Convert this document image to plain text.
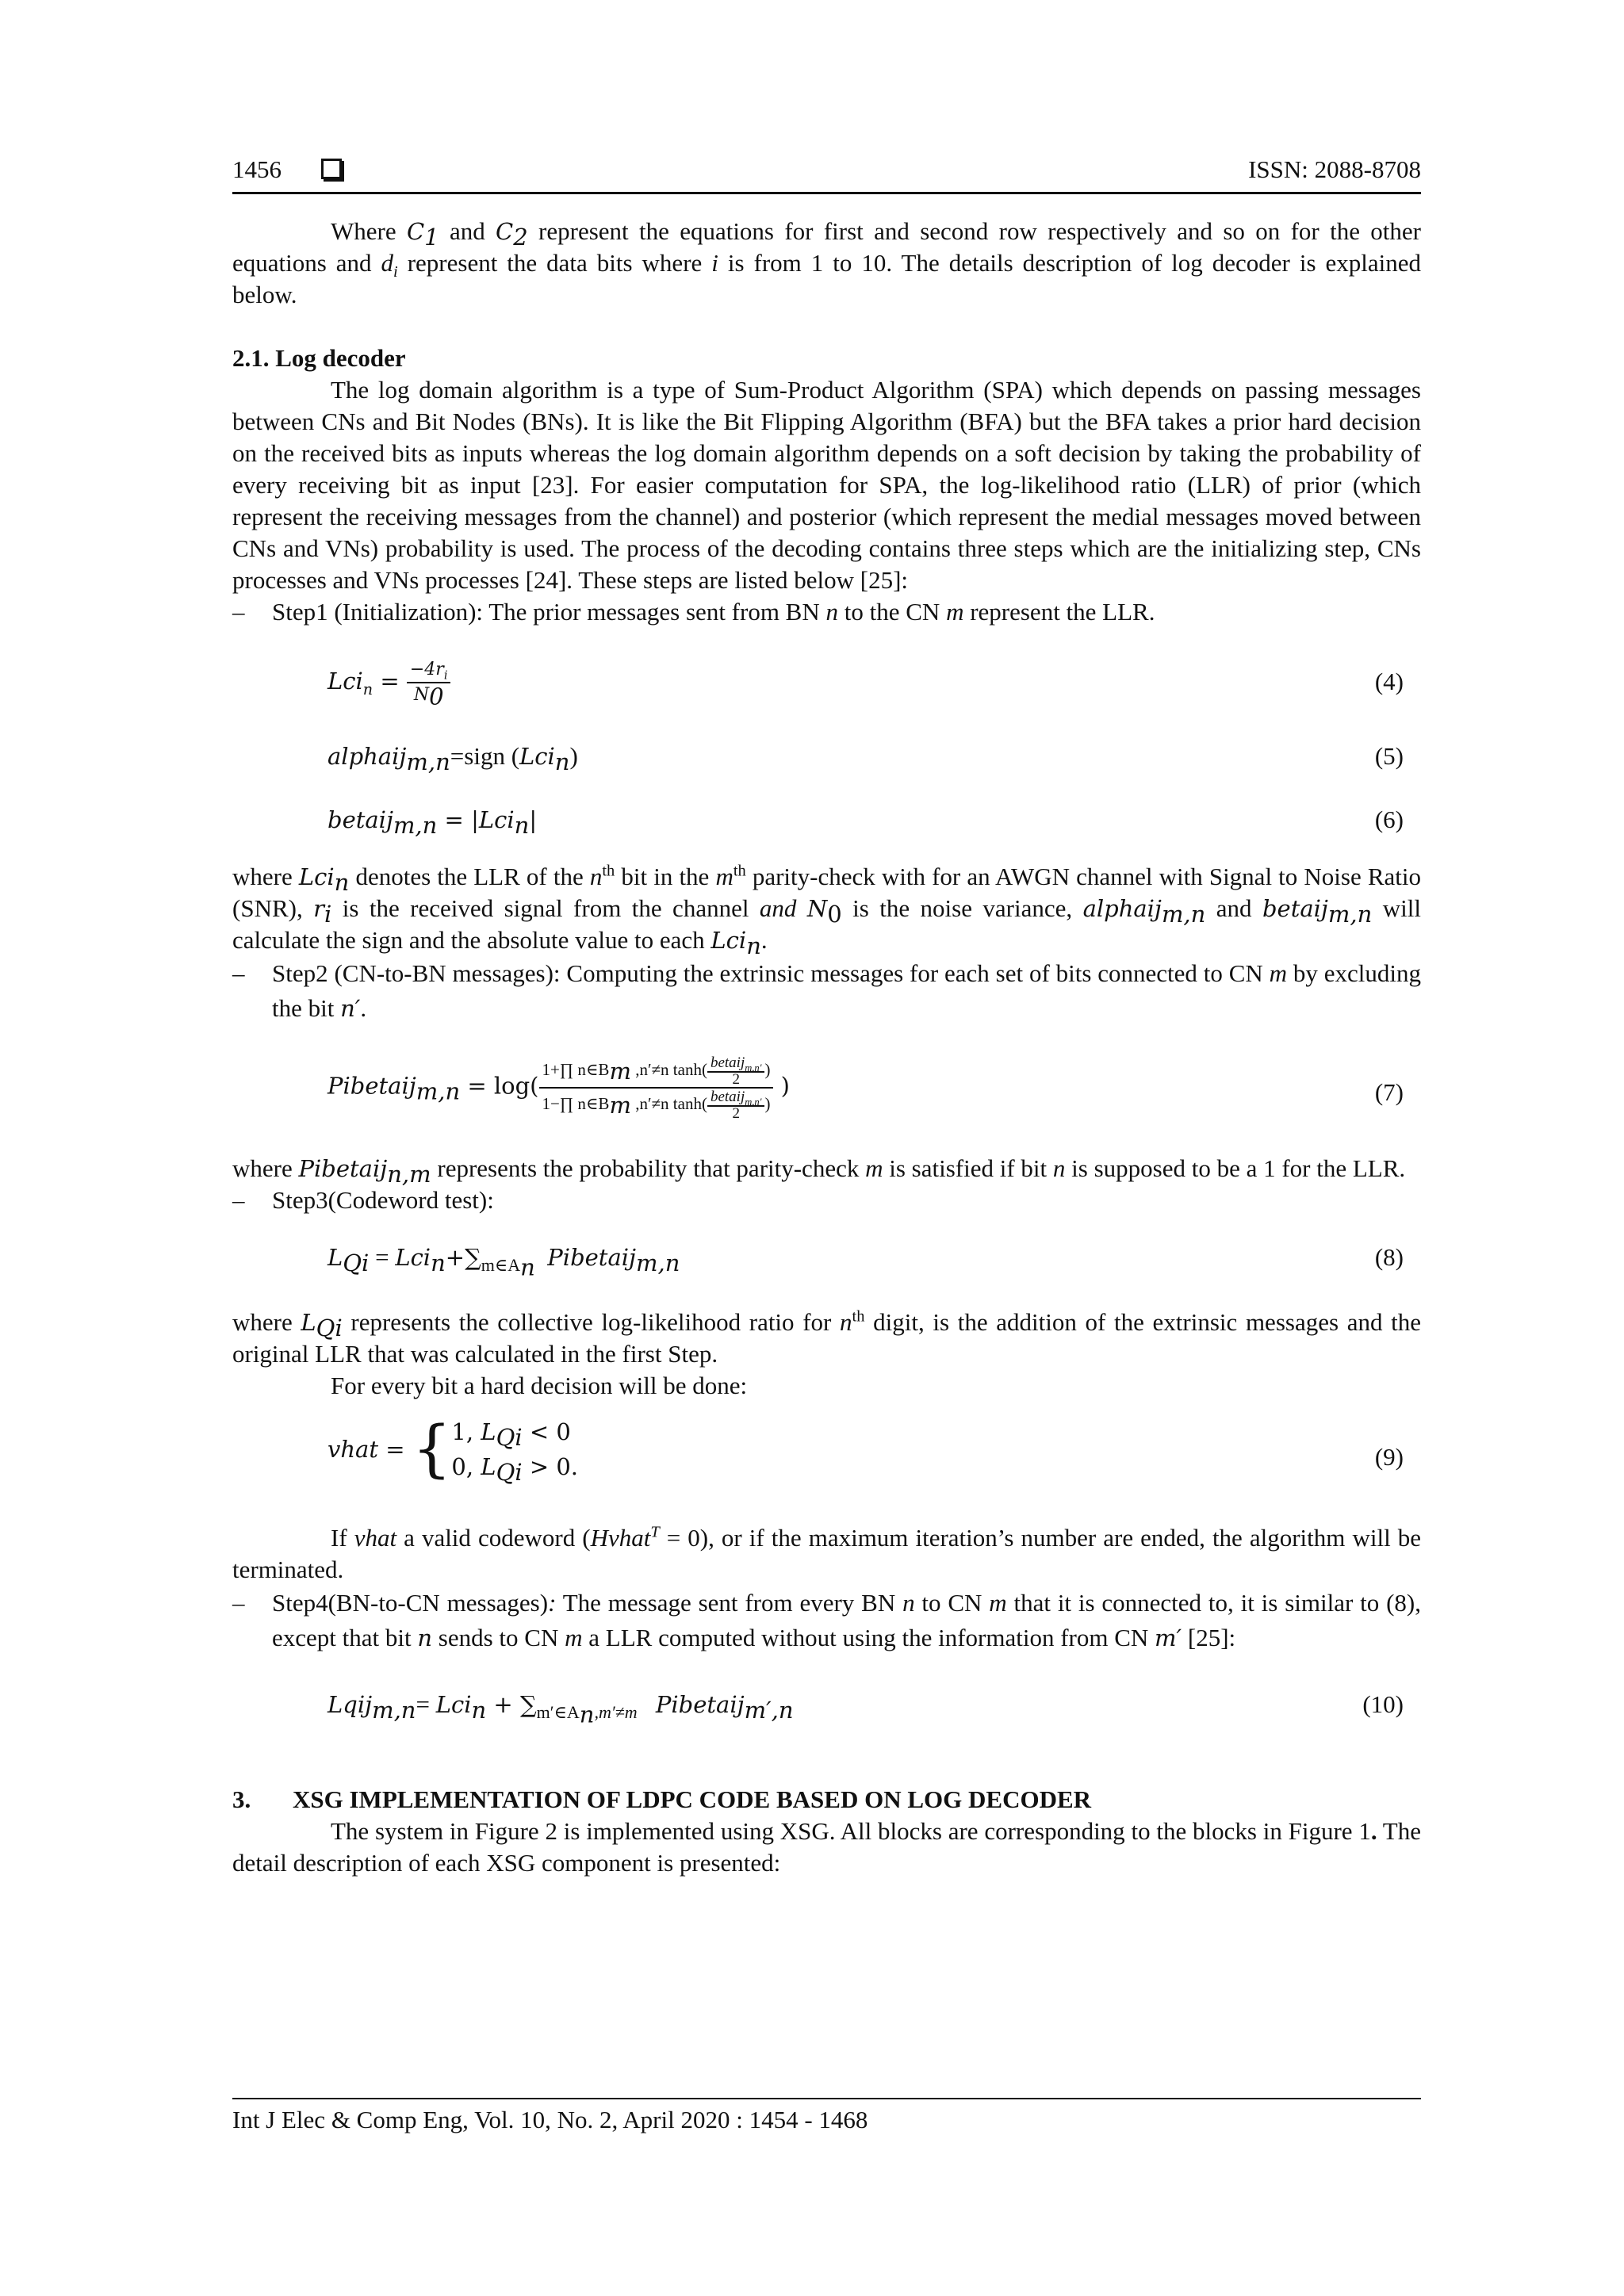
1456	ISSN: 2088-8708

Where $C_1$ and $C_2$ represent the equations for first and second row respectively and so on for the other equations and $d_i$ represent the data bits where i is from 1 to 10. The details description of log decoder is explained below.

2.1. Log decoder

The log domain algorithm is a type of Sum-Product Algorithm (SPA) which depends on passing messages between CNs and Bit Nodes (BNs). It is like the Bit Flipping Algorithm (BFA) but the BFA takes a prior hard decision on the received bits as inputs whereas the log domain algorithm depends on a soft decision by taking the probability of every receiving bit as input [23]. For easier computation for SPA, the log-likelihood ratio (LLR) of prior (which represent the receiving messages from the channel) and posterior (which represent the medial messages moved between CNs and VNs) probability is used. The process of the decoding contains three steps which are the initializing step, CNs processes and VNs processes [24]. These steps are listed below [25]:

– Step1 (Initialization): The prior messages sent from BN n to the CN m represent the LLR.

$Lci_n = \frac{-4r_i}{N_0}$	(4)
alphaij$_{m,n}$=sign (Lci$_n$)	(5)
betaij$_{m,n}$ = |Lci$_n$|	(6)

where Lci$_n$ denotes the LLR of the $n^{th}$ bit in the $m^{th}$ parity-check with for an AWGN channel with Signal to Noise Ratio (SNR), $r_i$ is the received signal from the channel and $N_0$ is the noise variance, alphaij$_{m,n}$ and betaij$_{m,n}$ will calculate the sign and the absolute value to each Lci$_n$.

– Step2 (CN-to-BN messages): Computing the extrinsic messages for each set of bits connected to CN m by excluding the bit n′.

Pibetaij$_{m,n}$ = $\log( \frac{1+\prod n\in B_m ,n'\ne n \tanh( \frac{betaij_{m,n'}}{2} )}{1-\prod n\in B_m ,n'\ne n \tanh( \frac{betaij_{m,n'}}{2} )}$ )	(7)

where Pibetaij$_{n,m}$ represents the probability that parity-check m is satisfied if bit n is supposed to be a 1 for the LLR.

– Step3(Codeword test):

$L_{Qi} = Lci_n+\sum_{m\in A_n}$ Pibetaij$_{m,n}$	(8)

where $L_{Qi}$ represents the collective log-likelihood ratio for $n^{th}$ digit, is the addition of the extrinsic messages and the original LLR that was calculated in the first Step.

For every bit a hard decision will be done:

vhat = { 1, $L_{Qi} < 0$
0, $L_{Qi} > 0$.	(9)

If vhat a valid codeword (Hvhat$^T$ = 0), or if the maximum iteration’s number are ended, the algorithm will be terminated.

– Step4(BN-to-CN messages): The message sent from every BN n to CN m that it is connected to, it is similar to (8), except that bit n sends to CN m a LLR computed without using the information from CN m′ [25]:

Lqij$_{m,n}$= $Lci_n + \sum_{m'\in A_n,m'\ne m}$ Pibetaij$_{m',n}$	(10)

3. XSG IMPLEMENTATION OF LDPC CODE BASED ON LOG DECODER

The system in Figure 2 is implemented using XSG. All blocks are corresponding to the blocks in Figure 1. The detail description of each XSG component is presented:

Int J Elec & Comp Eng, Vol. 10, No. 2, April 2020 : 1454 - 1468
